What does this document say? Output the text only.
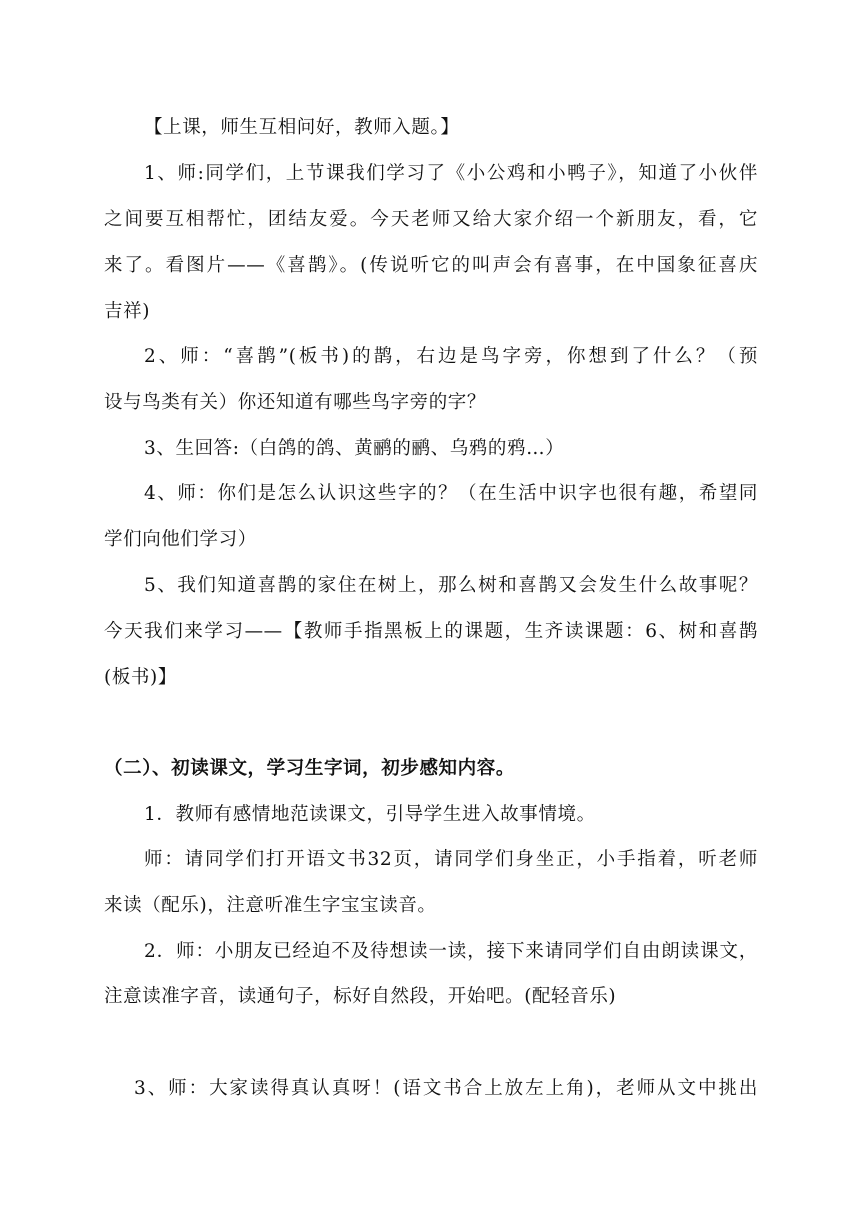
【上课，师生互相问好，教师入题。】
1、师:同学们，上节课我们学习了《小公鸡和小鸭子》，知道了小伙伴
之间要互相帮忙，团结友爱。今天老师又给大家介绍一个新朋友，看，它
来了。看图片——《喜鹊》。(传说听它的叫声会有喜事，在中国象征喜庆
吉祥)
2、师：“喜鹊”(板书)的鹊，右边是鸟字旁，你想到了什么？（预
设与鸟类有关）你还知道有哪些鸟字旁的字？
3、生回答:（白鸽的鸽、黄鹂的鹂、乌鸦的鸦…）
4、师：你们是怎么认识这些字的？（在生活中识字也很有趣，希望同
学们向他们学习）
5、我们知道喜鹊的家住在树上，那么树和喜鹊又会发生什么故事呢？
今天我们来学习——【教师手指黑板上的课题，生齐读课题：6、树和喜鹊
(板书)】
（二）、初读课文，学习生字词，初步感知内容。
1．教师有感情地范读课文，引导学生进入故事情境。
师：请同学们打开语文书32页，请同学们身坐正，小手指着，听老师
来读（配乐)，注意听准生字宝宝读音。
2．师：小朋友已经迫不及待想读一读，接下来请同学们自由朗读课文，
注意读准字音，读通句子，标好自然段，开始吧。(配轻音乐)
3、师：大家读得真认真呀！(语文书合上放左上角)，老师从文中挑出
